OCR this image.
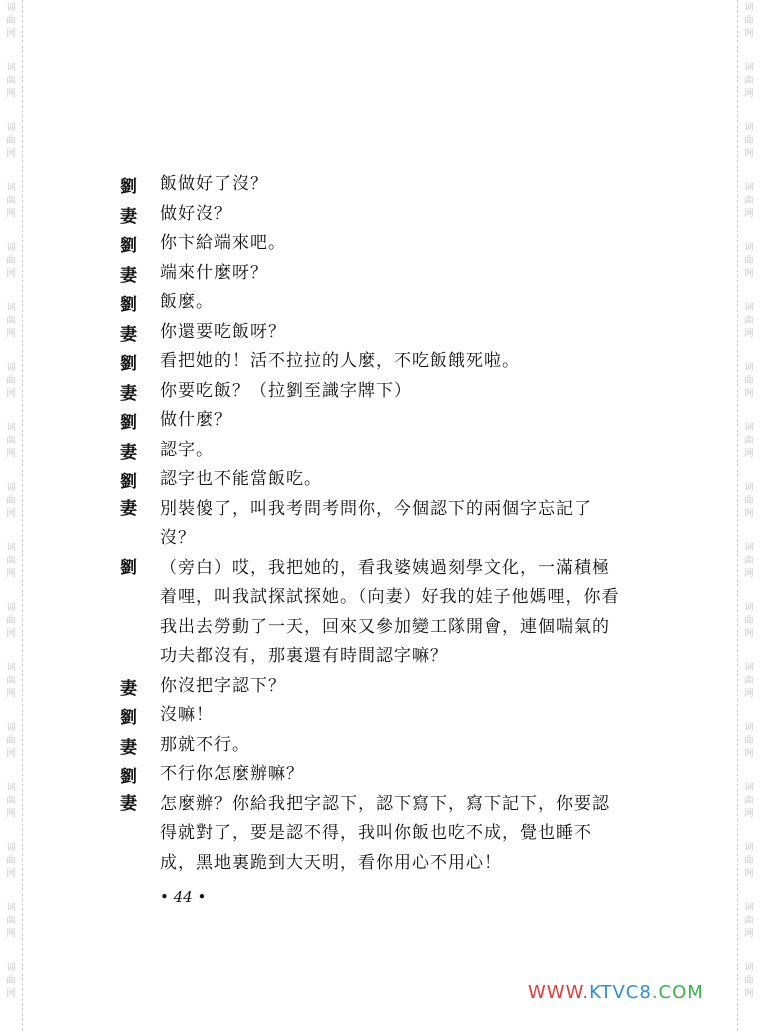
词
曲
网
词
曲
网
词
曲
网
词
曲
网
词
曲
网
词
曲
网
词
曲
网
词
曲
网
词
曲
网
词
曲
网
词
曲
网
词
曲
网
词
曲
网
词
曲
网
词
曲
网
词
曲
网
词
曲
网
词
曲
网
词
曲
网
词
曲
网
词
曲
网
词
曲
网
词
曲
网
词
曲
网
词
曲
网
词
曲
网
词
曲
网
词
曲
网
词
曲
网
词
曲
网
词
曲
网
词
曲
网
词
曲
网
词
曲
网
劉	飯做好了沒？
妻	做好沒？
劉	你卞給端來吧。
妻	端來什麼呀？
劉	飯麼。
妻	你還要吃飯呀？
劉	看把她的！活不拉拉的人麼，不吃飯餓死啦。
妻	你要吃飯？（拉劉至識字牌下）
劉	做什麼？
妻	認字。
劉	認字也不能當飯吃。
妻	別裝傻了，叫我考問考問你，今個認下的兩個字忘記了沒？
劉	（旁白）哎，我把她的，看我婆姨過刻學文化，一滿積極着哩，叫我試探試探她。（向妻）好我的娃子他媽哩，你看我出去勞動了一天，回來又參加變工隊開會，連個喘氣的功夫都沒有，那裏還有時間認字嘛？
妻	你沒把字認下？
劉	沒嘛！
妻	那就不行。
劉	不行你怎麼辦嘛？
妻	怎麼辦？你給我把字認下，認下寫下，寫下記下，你要認得就對了，要是認不得，我叫你飯也吃不成，覺也睡不成，黑地裏跪到大天明，看你用心不用心！
• 44 •
WWW.KTVC8.COM
